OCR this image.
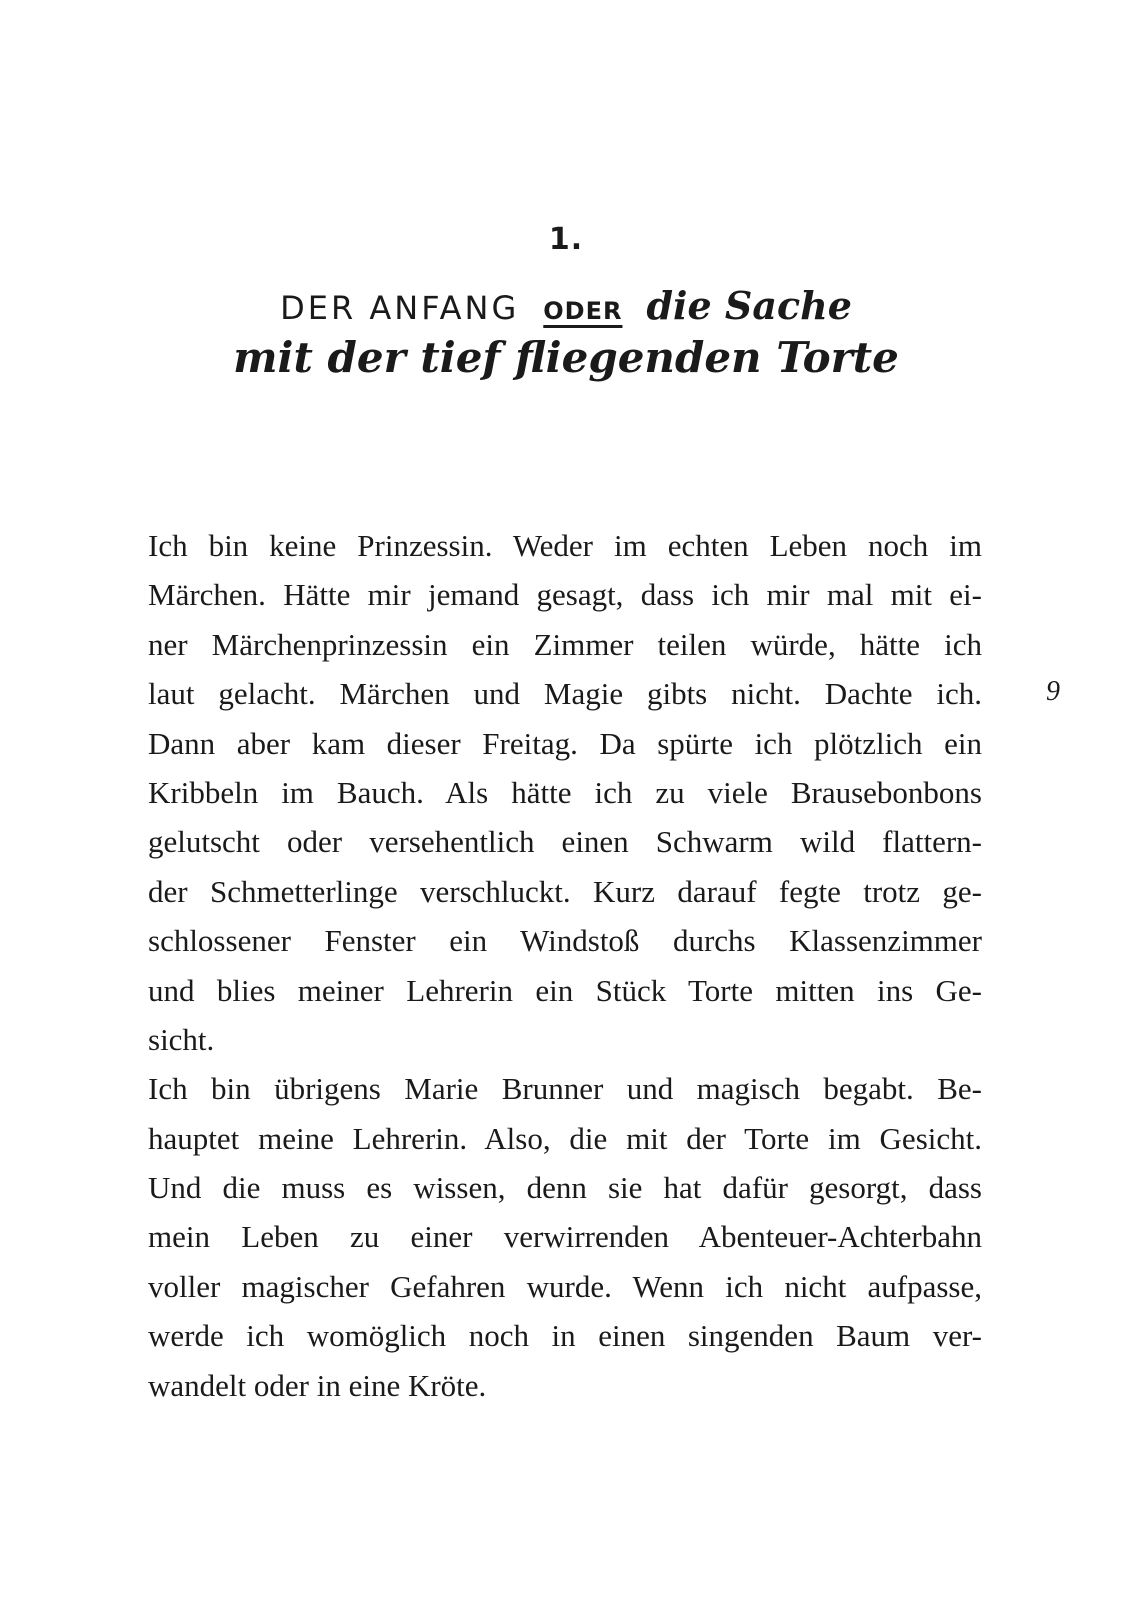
1.
DER ANFANG ODER die Sache
mit der tief fliegenden Torte
Ich bin keine Prinzessin. Weder im echten Leben noch im
Märchen. Hätte mir jemand gesagt, dass ich mir mal mit ei-
ner Märchenprinzessin ein Zimmer teilen würde, hätte ich
laut gelacht. Märchen und Magie gibts nicht. Dachte ich.
Dann aber kam dieser Freitag. Da spürte ich plötzlich ein
Kribbeln im Bauch. Als hätte ich zu viele Brausebonbons
gelutscht oder versehentlich einen Schwarm wild flattern-
der Schmetterlinge verschluckt. Kurz darauf fegte trotz ge-
schlossener Fenster ein Windstoß durchs Klassenzimmer
und blies meiner Lehrerin ein Stück Torte mitten ins Ge-
sicht.
Ich bin übrigens Marie Brunner und magisch begabt. Be-
hauptet meine Lehrerin. Also, die mit der Torte im Gesicht.
Und die muss es wissen, denn sie hat dafür gesorgt, dass
mein Leben zu einer verwirrenden Abenteuer-Achterbahn
voller magischer Gefahren wurde. Wenn ich nicht aufpasse,
werde ich womöglich noch in einen singenden Baum ver-
wandelt oder in eine Kröte.
9
